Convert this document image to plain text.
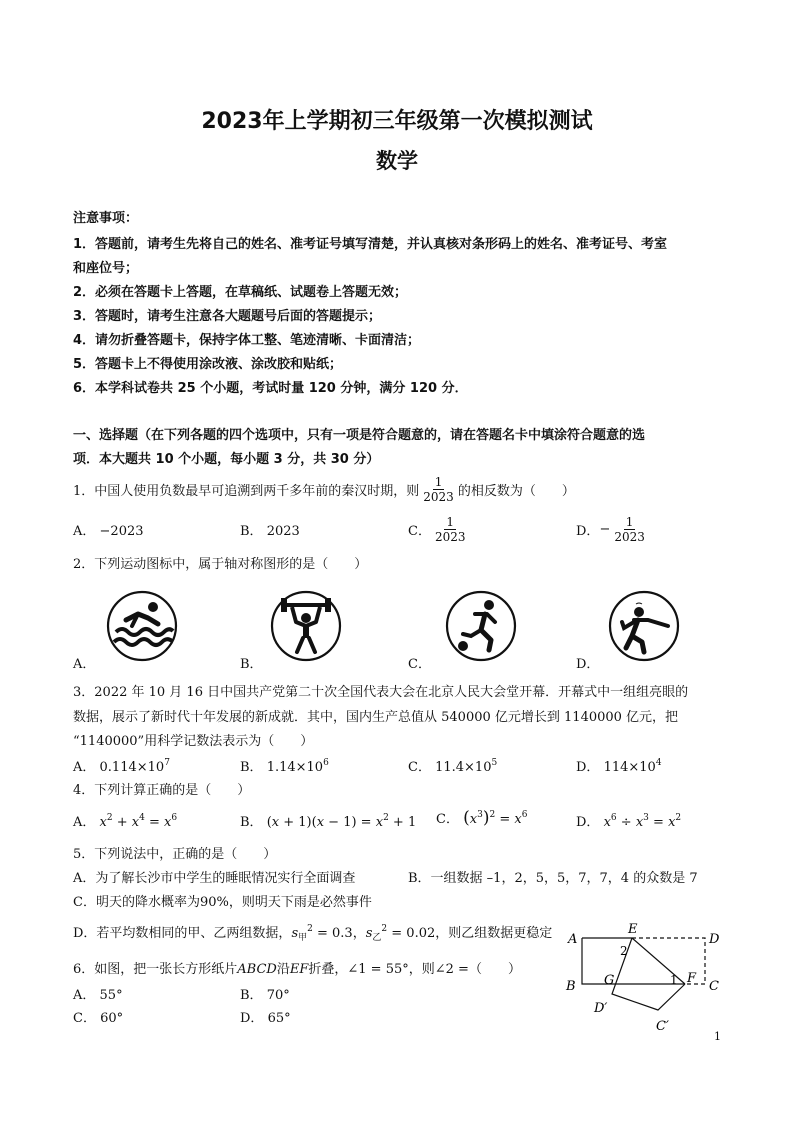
2023年上学期初三年级第一次模拟测试
数学
注意事项：
1．答题前，请考生先将自己的姓名、准考证号填写清楚，并认真核对条形码上的姓名、准考证号、考室
和座位号；
2．必须在答题卡上答题，在草稿纸、试题卷上答题无效；
3．答题时，请考生注意各大题题号后面的答题提示；
4．请勿折叠答题卡，保持字体工整、笔迹清晰、卡面清洁；
5．答题卡上不得使用涂改液、涂改胶和贴纸；
6．本学科试卷共 25 个小题，考试时量 120 分钟，满分 120 分．
一、选择题（在下列各题的四个选项中，只有一项是符合题意的，请在答题名卡中填涂符合题意的选
项．本大题共 10 个小题，每小题 3 分，共 30 分）
1．中国人使用负数最早可追溯到两千多年前的秦汉时期，则 $\frac{1}{2023}$ 的相反数为（　　）
A． −2023	B． 2023	C． $\frac{1}{2023}$	D． − $\frac{1}{2023}$
2．下列运动图标中，属于轴对称图形的是（　　）
A．	B．	C．	D．
3．2022 年 10 月 16 日中国共产党第二十次全国代表大会在北京人民大会堂开幕．开幕式中一组组亮眼的
数据，展示了新时代十年发展的新成就．其中，国内生产总值从 540000 亿元增长到 1140000 亿元，把
“1140000”用科学记数法表示为（　　）
A． $0.114\times 10^7$	B． $1.14\times 10^6$	C． $11.4\times 10^5$	D． $114\times 10^4$
4．下列计算正确的是（　　）
A． $x^2 + x^4 = x^6$	B． $(x + 1)(x - 1) = x^2 + 1$ C． $(x^3)^2 = x^6$	D． $x^6 \div x^3 = x^2$
5．下列说法中，正确的是（　　）
A．为了解长沙市中学生的睡眠情况实行全面调查	B．一组数据 –1，2，5，5，7，7，4 的众数是 7
C．明天的降水概率为90%，则明天下雨是必然事件
D．若平均数相同的甲、乙两组数据，$s_甲^2 = 0.3$，$s_乙^2 = 0.02$，则乙组数据更稳定
6．如图，把一张长方形纸片ABCD沿EF折叠，∠1 = 55°，则∠2 =（　　）
A． 55°	B． 70°
C． 60°	D． 65°
A
E
D
B G	1 F
C
2
D′
C′
1
